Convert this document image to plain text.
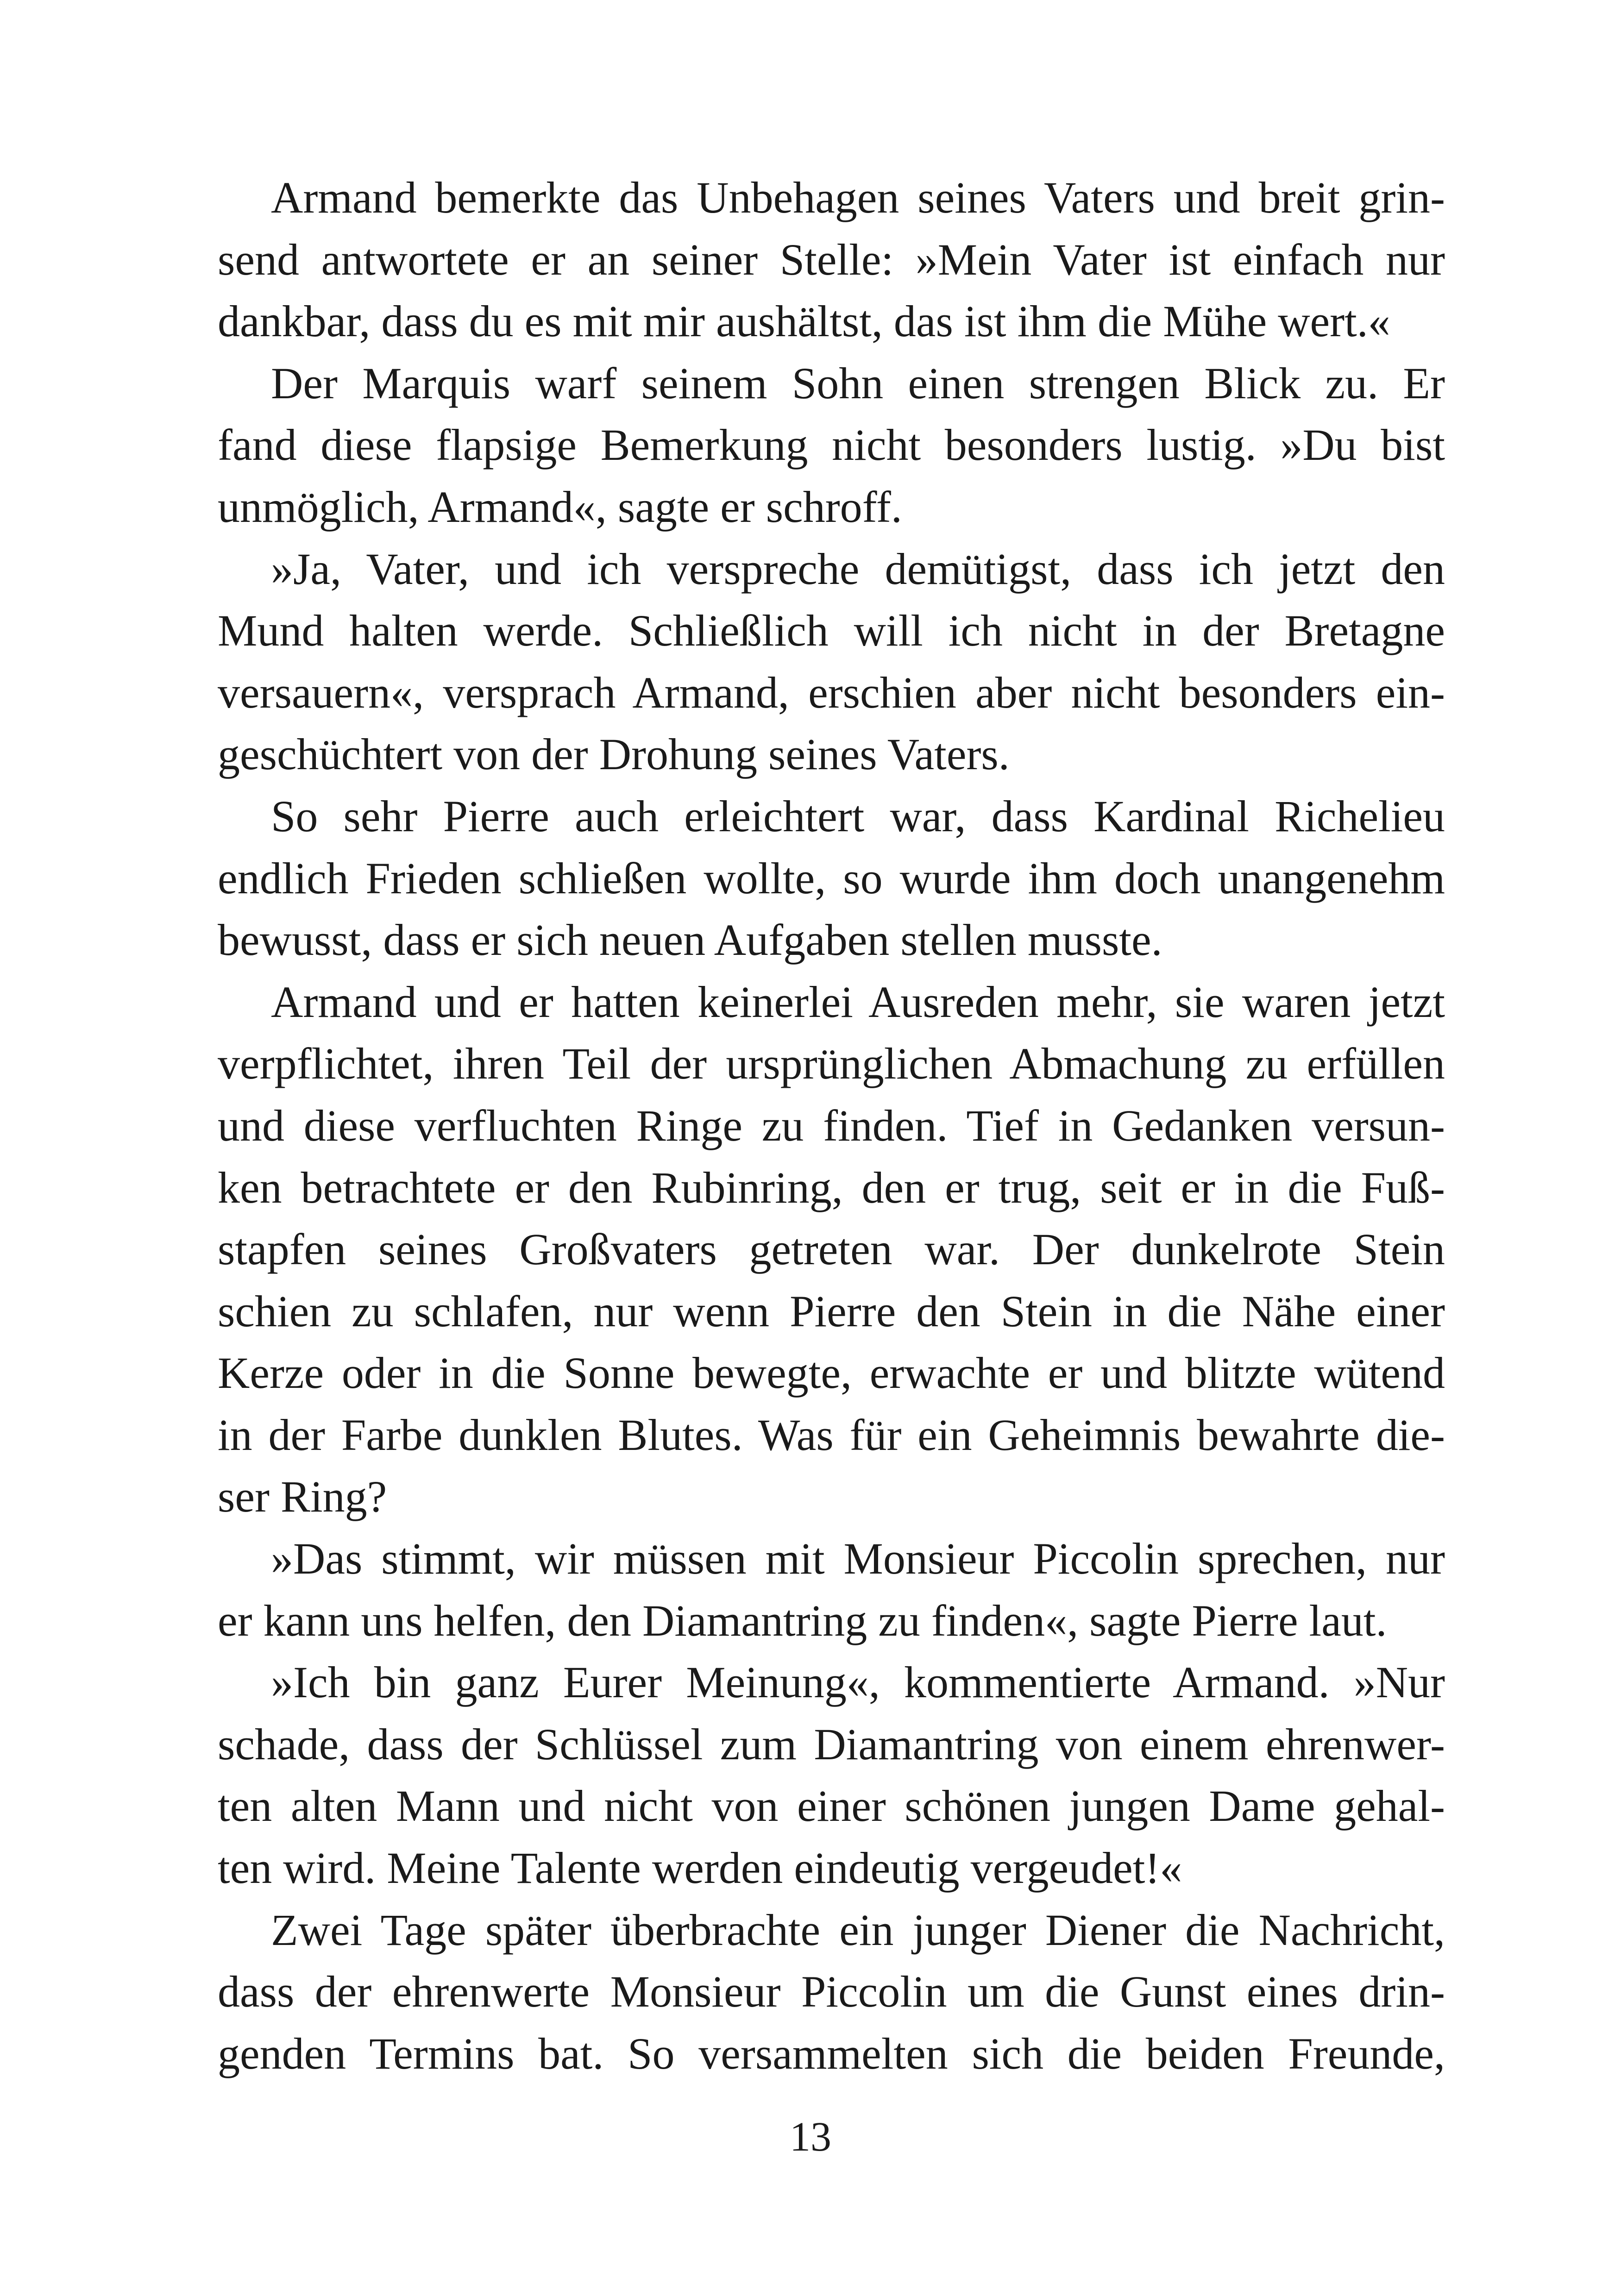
Armand bemerkte das Unbehagen seines Vaters und breit grin-
send antwortete er an seiner Stelle: »Mein Vater ist einfach nur
dankbar, dass du es mit mir aushältst, das ist ihm die Mühe wert.«
Der Marquis warf seinem Sohn einen strengen Blick zu. Er
fand diese flapsige Bemerkung nicht besonders lustig. »Du bist
unmöglich, Armand«, sagte er schroff.
»Ja, Vater, und ich verspreche demütigst, dass ich jetzt den
Mund halten werde. Schließlich will ich nicht in der Bretagne
versauern«, versprach Armand, erschien aber nicht besonders ein-
geschüchtert von der Drohung seines Vaters.
So sehr Pierre auch erleichtert war, dass Kardinal Richelieu
endlich Frieden schließen wollte, so wurde ihm doch unangenehm
bewusst, dass er sich neuen Aufgaben stellen musste.
Armand und er hatten keinerlei Ausreden mehr, sie waren jetzt
verpflichtet, ihren Teil der ursprünglichen Abmachung zu erfüllen
und diese verfluchten Ringe zu finden. Tief in Gedanken versun-
ken betrachtete er den Rubinring, den er trug, seit er in die Fuß-
stapfen seines Großvaters getreten war. Der dunkelrote Stein
schien zu schlafen, nur wenn Pierre den Stein in die Nähe einer
Kerze oder in die Sonne bewegte, erwachte er und blitzte wütend
in der Farbe dunklen Blutes. Was für ein Geheimnis bewahrte die-
ser Ring?
»Das stimmt, wir müssen mit Monsieur Piccolin sprechen, nur
er kann uns helfen, den Diamantring zu finden«, sagte Pierre laut.
»Ich bin ganz Eurer Meinung«, kommentierte Armand. »Nur
schade, dass der Schlüssel zum Diamantring von einem ehrenwer-
ten alten Mann und nicht von einer schönen jungen Dame gehal-
ten wird. Meine Talente werden eindeutig vergeudet!«
Zwei Tage später überbrachte ein junger Diener die Nachricht,
dass der ehrenwerte Monsieur Piccolin um die Gunst eines drin-
genden Termins bat. So versammelten sich die beiden Freunde,
13
